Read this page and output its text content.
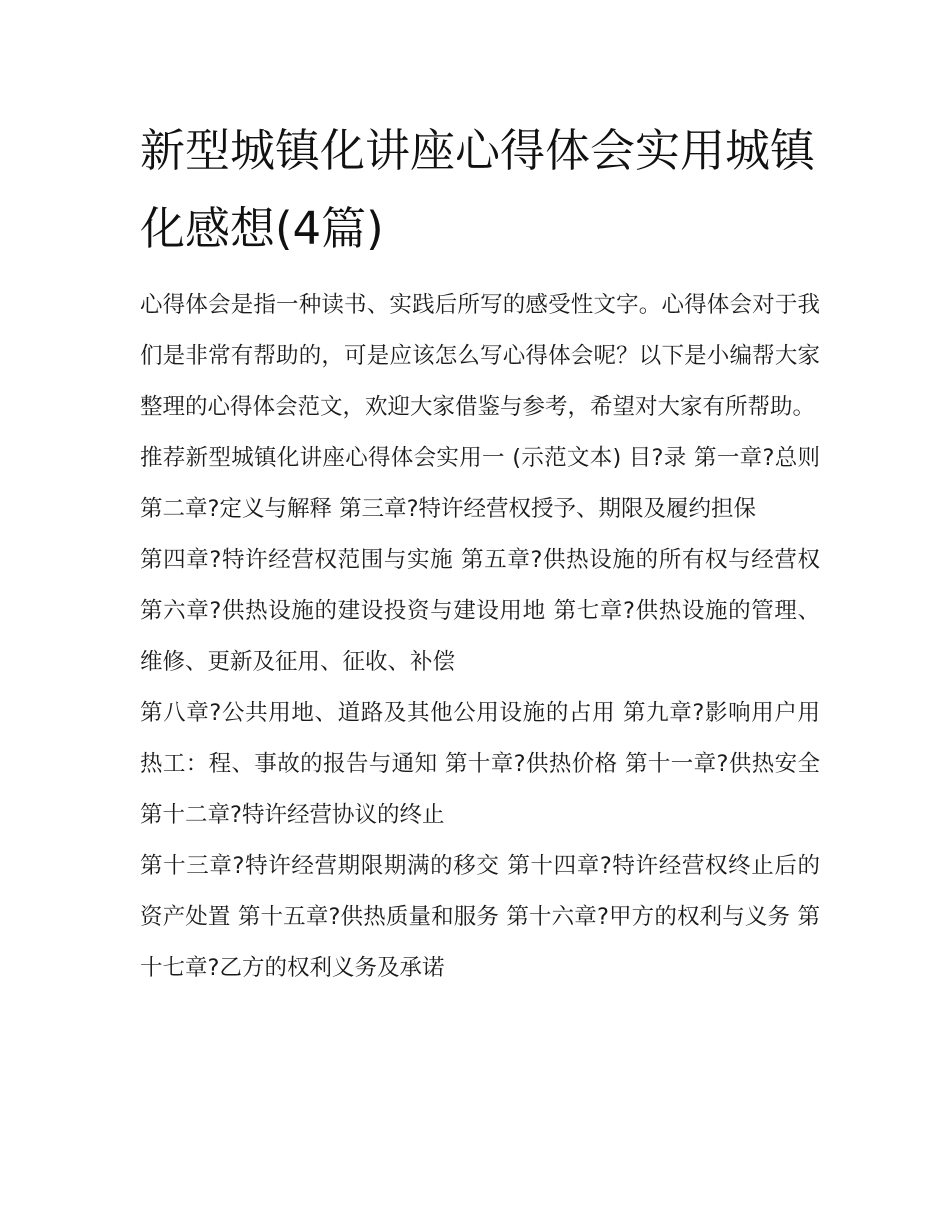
新型城镇化讲座心得体会实用城镇化感想(4篇)

心得体会是指一种读书、实践后所写的感受性文字。心得体会对于我们是非常有帮助的，可是应该怎么写心得体会呢？以下是小编帮大家整理的心得体会范文，欢迎大家借鉴与参考，希望对大家有所帮助。

推荐新型城镇化讲座心得体会实用一 (示范文本) 目?录 第一章?总则 第二章?定义与解释 第三章?特许经营权授予、期限及履约担保

第四章?特许经营权范围与实施 第五章?供热设施的所有权与经营权 第六章?供热设施的建设投资与建设用地 第七章?供热设施的管理、维修、更新及征用、征收、补偿

第八章?公共用地、道路及其他公用设施的占用 第九章?影响用户用热工：程、事故的报告与通知 第十章?供热价格 第十一章?供热安全 第十二章?特许经营协议的终止

第十三章?特许经营期限期满的移交 第十四章?特许经营权终止后的资产处置 第十五章?供热质量和服务 第十六章?甲方的权利与义务 第十七章?乙方的权利义务及承诺
